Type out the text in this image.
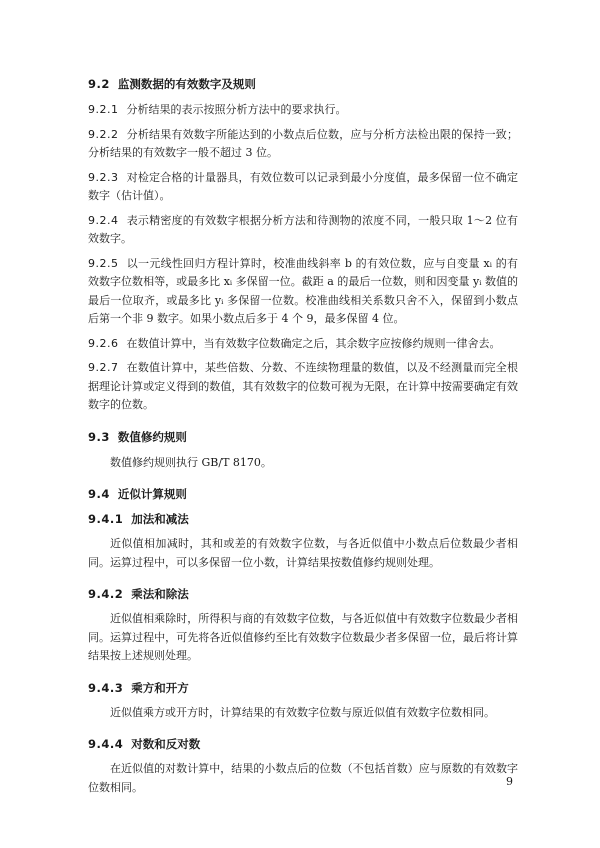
9.2 监测数据的有效数字及规则

9.2.1 分析结果的表示按照分析方法中的要求执行。

9.2.2 分析结果有效数字所能达到的小数点后位数，应与分析方法检出限的保持一致；分析结果的有效数字一般不超过 3 位。

9.2.3 对检定合格的计量器具，有效位数可以记录到最小分度值，最多保留一位不确定数字（估计值）。

9.2.4 表示精密度的有效数字根据分析方法和待测物的浓度不同，一般只取 1～2 位有效数字。

9.2.5 以一元线性回归方程计算时，校准曲线斜率 b 的有效位数，应与自变量 xᵢ 的有效数字位数相等，或最多比 xᵢ 多保留一位。截距 a 的最后一位数，则和因变量 yᵢ 数值的最后一位取齐，或最多比 yᵢ 多保留一位数。校准曲线相关系数只舍不入，保留到小数点后第一个非 9 数字。如果小数点后多于 4 个 9，最多保留 4 位。

9.2.6 在数值计算中，当有效数字位数确定之后，其余数字应按修约规则一律舍去。

9.2.7 在数值计算中，某些倍数、分数、不连续物理量的数值，以及不经测量而完全根据理论计算或定义得到的数值，其有效数字的位数可视为无限，在计算中按需要确定有效数字的位数。

9.3 数值修约规则

数值修约规则执行 GB/T 8170。

9.4 近似计算规则
9.4.1 加法和减法

近似值相加减时，其和或差的有效数字位数，与各近似值中小数点后位数最少者相同。运算过程中，可以多保留一位小数，计算结果按数值修约规则处理。

9.4.2 乘法和除法

近似值相乘除时，所得积与商的有效数字位数，与各近似值中有效数字位数最少者相同。运算过程中，可先将各近似值修约至比有效数字位数最少者多保留一位，最后将计算结果按上述规则处理。

9.4.3 乘方和开方

近似值乘方或开方时，计算结果的有效数字位数与原近似值有效数字位数相同。

9.4.4 对数和反对数

在近似值的对数计算中，结果的小数点后的位数（不包括首数）应与原数的有效数字位数相同。	9
